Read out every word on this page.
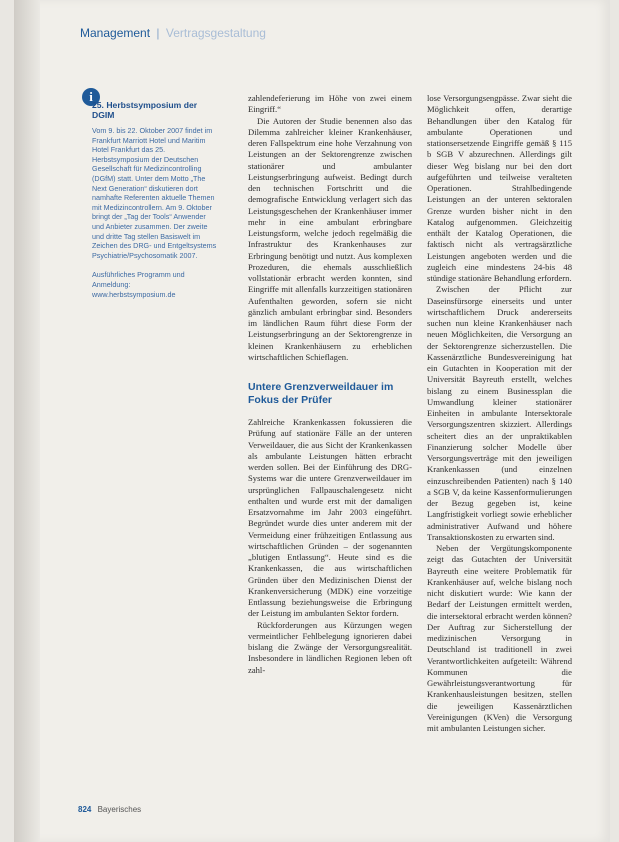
Management | Vertragsgestaltung
i
25. Herbstsymposium der DGIM
Vom 9. bis 22. Oktober 2007 findet im Frankfurt Marriott Hotel und Maritim Hotel Frankfurt das 25. Herbstsymposium der Deutschen Gesellschaft für Medizincontrolling (DGfM) statt. Unter dem Motto „The Next Generation“ diskutieren dort namhafte Referenten aktuelle Themen mit Medizincontrollern. Am 9. Oktober bringt der „Tag der Tools“ Anwender und Anbieter zusammen. Der zweite und dritte Tag stellen Basiswelt im Zeichen des DRG- und Entgeltsystems Psychiatrie/Psychosomatik 2007.
Ausführliches Programm und Anmeldung:
www.herbstsymposium.de

zahlendeferierung im Höhe von zwei einem Eingriff.“

Die Autoren der Studie benennen also das Dilemma zahlreicher kleiner Krankenhäuser, deren Fallspektrum eine hohe Verzahnung von Leistungen an der Sektorengrenze zwischen stationärer und ambulanter Leistungserbringung aufweist. Bedingt durch den technischen Fortschritt und die demografische Entwicklung verlagert sich das Leistungsgeschehen der Krankenhäuser immer mehr in eine ambulant erbringbare Leistungsform, welche jedoch regelmäßig die Infrastruktur des Krankenhauses zur Erbringung benötigt und nutzt. Aus komplexen Prozeduren, die ehemals ausschließlich vollstationär erbracht werden konnten, sind Eingriffe mit allenfalls kurzzeitigen stationären Aufenthalten geworden, sofern sie nicht gänzlich ambulant erbringbar sind. Besonders im ländlichen Raum führt diese Form der Leistungserbringung an der Sektorengrenze in kleinen Krankenhäusern zu erheblichen wirtschaftlichen Schieflagen.

Untere Grenzverweildauer im Fokus der Prüfer

Zahlreiche Krankenkassen fokussieren die Prüfung auf stationäre Fälle an der unteren Verweildauer, die aus Sicht der Krankenkassen als ambulante Leistungen hätten erbracht werden sollen. Bei der Einführung des DRG-Systems war die untere Grenzverweildauer im ursprünglichen Fallpauschalengesetz nicht enthalten und wurde erst mit der damaligen Ersatzvornahme im Jahr 2003 eingeführt. Begründet wurde dies unter anderem mit der Vermeidung einer frühzeitigen Entlassung aus wirtschaftlichen Gründen – der sogenannten „blutigen Entlassung“. Heute sind es die Krankenkassen, die aus wirtschaftlichen Gründen über den Medizinischen Dienst der Krankenversicherung (MDK) eine vorzeitige Entlassung beziehungsweise die Erbringung der Leistung im ambulanten Sektor fordern.

Rückforderungen aus Kürzungen wegen vermeintlicher Fehlbelegung ignorieren dabei bislang die Zwänge der Versorgungsrealität. Insbesondere in ländlichen Regionen leben oft zahl-

lose Versorgungsengpässe. Zwar sieht die Möglichkeit offen, derartige Behandlungen über den Katalog für ambulante Operationen und stationsersetzende Eingriffe gemäß § 115 b SGB V abzurechnen. Allerdings gilt dieser Weg bislang nur bei den dort aufgeführten und teilweise veralteten Operationen. Strahlbedingende Leistungen an der unteren sektoralen Grenze wurden bisher nicht in den Katalog aufgenommen. Gleichzeitig enthält der Katalog Operationen, die faktisch nicht als vertragsärztliche Leistungen angeboten werden und die zugleich eine mindestens 24-bis 48 stündige stationäre Behandlung erfordern.

Zwischen der Pflicht zur Daseinsfürsorge einerseits und unter wirtschaftlichem Druck andererseits suchen nun kleine Krankenhäuser nach neuen Möglichkeiten, die Versorgung an der Sektorengrenze sicherzustellen. Die Kassenärztliche Bundesvereinigung hat ein Gutachten in Kooperation mit der Universität Bayreuth erstellt, welches bislang zu einem Businessplan die Umwandlung kleiner stationärer Einheiten in ambulante Intersektorale Versorgungszentren skizziert. Allerdings scheitert dies an der unpraktikablen Finanzierung solcher Modelle über Versorgungsverträge mit den jeweiligen Krankenkassen (und einzelnen einzuschreibenden Patienten) nach § 140 a SGB V, da keine Kassenformulierungen der Bezug gegeben ist, keine Langfristigkeit vorliegt sowie erheblicher administrativer Aufwand und höhere Transaktionskosten zu erwarten sind.

Neben der Vergütungskomponente zeigt das Gutachten der Universität Bayreuth eine weitere Problematik für Krankenhäuser auf, welche bislang noch nicht diskutiert wurde: Wie kann der Bedarf der Leistungen ermittelt werden, die intersektoral erbracht werden können? Der Auftrag zur Sicherstellung der medizinischen Versorgung in Deutschland ist traditionell in zwei Verantwortlichkeiten aufgeteilt: Während Kommunen die Gewährleistungsverantwortung für Krankenhausleistungen besitzen, stellen die jeweiligen Kassenärztlichen Vereinigungen (KVen) die Versorgung mit ambulanten Leistungen sicher.

824 Bayerisches
